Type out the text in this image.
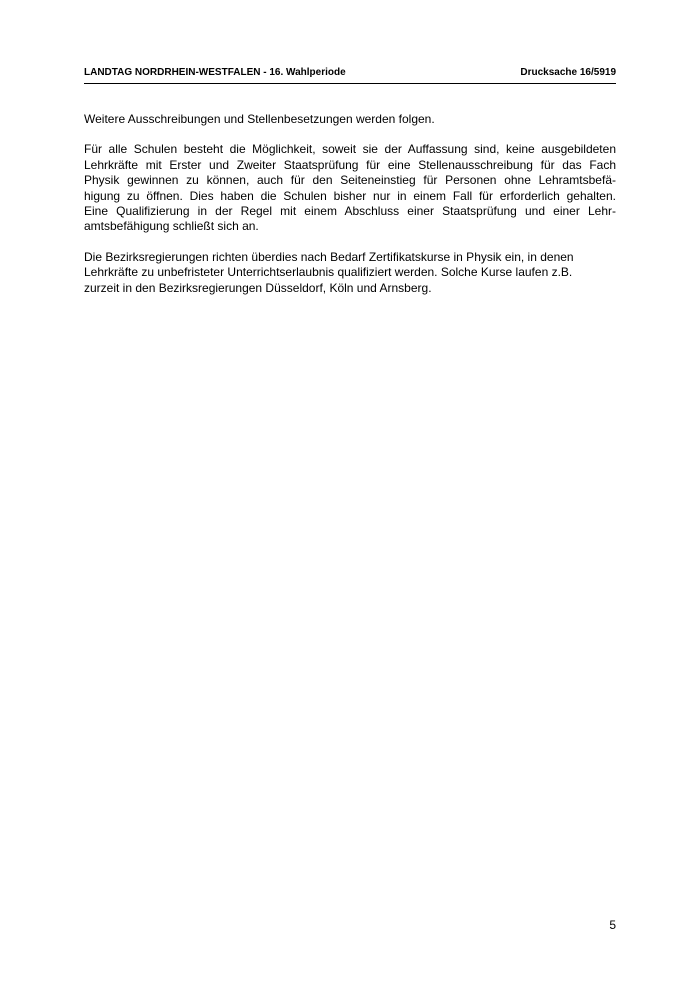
LANDTAG NORDRHEIN-WESTFALEN - 16. Wahlperiode	Drucksache 16/5919

Weitere Ausschreibungen und Stellenbesetzungen werden folgen.

Für alle Schulen besteht die Möglichkeit, soweit sie der Auffassung sind, keine ausgebildeten
Lehrkräfte mit Erster und Zweiter Staatsprüfung für eine Stellenausschreibung für das Fach
Physik gewinnen zu können, auch für den Seiteneinstieg für Personen ohne Lehramtsbefä-
higung zu öffnen. Dies haben die Schulen bisher nur in einem Fall für erforderlich gehalten.
Eine Qualifizierung in der Regel mit einem Abschluss einer Staatsprüfung und einer Lehr-
amtsbefähigung schließt sich an.

Die Bezirksregierungen richten überdies nach Bedarf Zertifikatskurse in Physik ein, in denen
Lehrkräfte zu unbefristeter Unterrichtserlaubnis qualifiziert werden. Solche Kurse laufen z.B.
zurzeit in den Bezirksregierungen Düsseldorf, Köln und Arnsberg.

5
